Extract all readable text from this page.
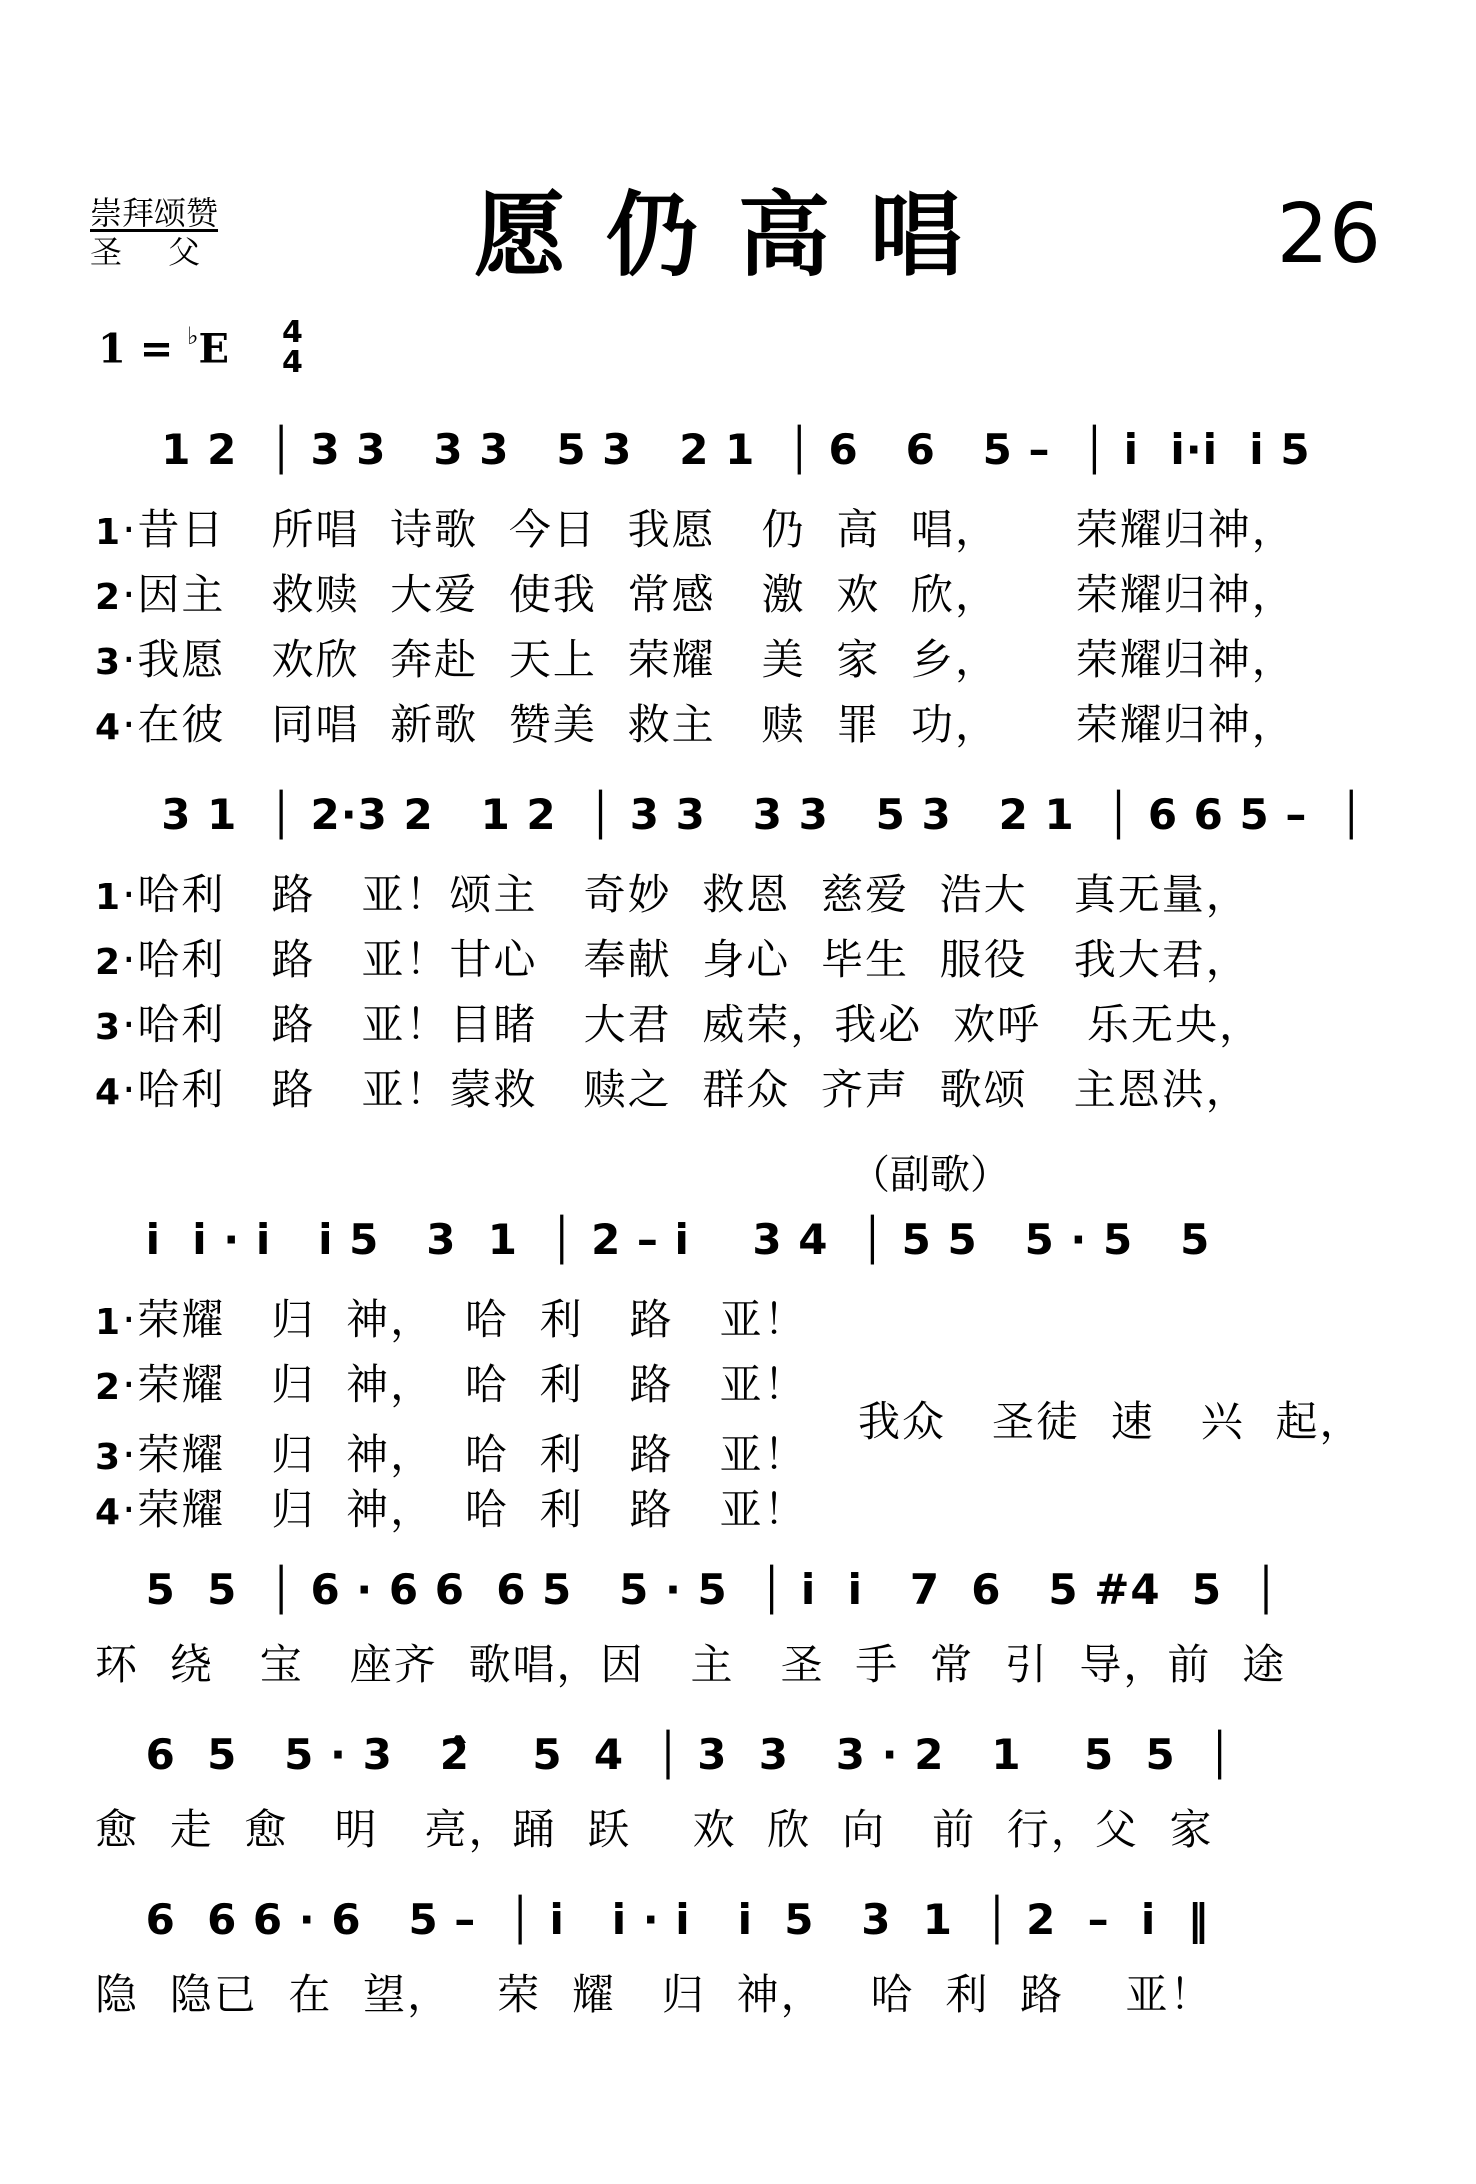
崇拜颂赞
圣父	愿仍高唱	26
1 = ♭E 4
4
1 2  │ 3 3   3 3   5 3   2 1  │ 6   6   5 –  │ i̇  i̇·i̇  i̇ 5
1·昔日   所唱  诗歌  今日  我愿   仍  高  唱，     荣耀归神，
2·因主   救赎  大爱  使我  常感   激  欢  欣，     荣耀归神，
3·我愿   欢欣  奔赴  天上  荣耀   美  家  乡，     荣耀归神，
4·在彼   同唱  新歌  赞美  救主   赎  罪  功，     荣耀归神，
3 1  │ 2·3 2   1 2  │ 3 3   3 3   5 3   2 1  │ 6 6 5 –  │
1·哈利   路   亚！颂主   奇妙  救恩  慈爱  浩大   真无量，
2·哈利   路   亚！甘心   奉献  身心  毕生  服役   我大君，
3·哈利   路   亚！目睹   大君  威荣，我必  欢呼   乐无央，
4·哈利   路   亚！蒙救   赎之  群众  齐声  歌颂   主恩洪，
（副歌）
i̇  i̇ · i̇   i̇ 5   3  1  │ 2 – i̇    3 4  │ 5 5   5 · 5   5
1·荣耀   归  神，  哈  利   路   亚！
2·荣耀   归  神，  哈  利   路   亚！
3·荣耀   归  神，  哈  利   路   亚！
4·荣耀   归  神，  哈  利   路   亚！
我众   圣徒  速   兴  起，
5  5  │ 6 · 6 6  6 5   5 · 5  │ i̇  i̇   7  6   5 #4  5  │
环  绕   宝   座齐  歌唱，因   主   圣  手  常  引  导，前  途
6  5   5 · 3   2̂    5  4  │ 3  3   3 · 2   1    5  5  │
愈  走  愈   明   亮，踊  跃    欢  欣  向   前  行，父  家
6  6 6 · 6   5 –  │ i̇   i̇ · i̇   i̇  5   3  1  │ 2  –  i̇  ‖
隐  隐已  在  望，   荣  耀   归  神，   哈  利  路    亚！
